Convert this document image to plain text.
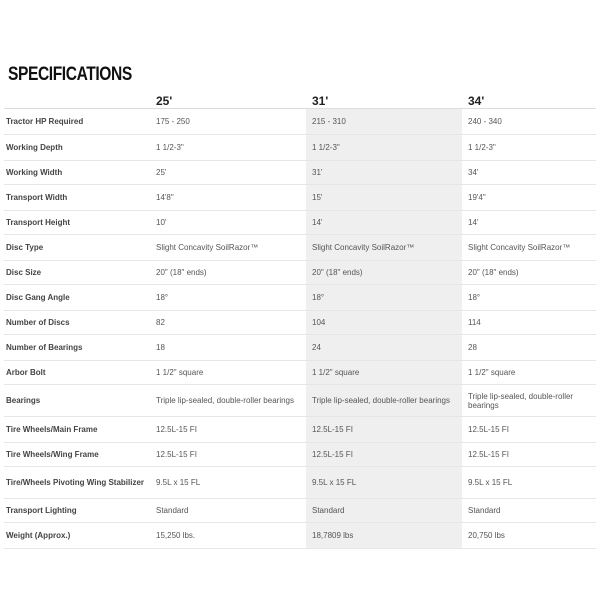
SPECIFICATIONS
	25'	31'	34'
Tractor HP Required	175 - 250	215 - 310	240 - 340
Working Depth	1 1/2-3"	1 1/2-3"	1 1/2-3"
Working Width	25'	31'	34'
Transport Width	14'8"	15'	19'4"
Transport Height	10'	14'	14'
Disc Type	Slight Concavity SoilRazor™	Slight Concavity SoilRazor™	Slight Concavity SoilRazor™
Disc Size	20" (18" ends)	20" (18" ends)	20" (18" ends)
Disc Gang Angle	18°	18°	18°
Number of Discs	82	104	114
Number of Bearings	18	24	28
Arbor Bolt	1 1/2" square	1 1/2" square	1 1/2" square
Bearings	Triple lip-sealed, double-roller bearings	Triple lip-sealed, double-roller bearings	Triple lip-sealed, double-roller bearings
Tire Wheels/Main Frame	12.5L-15 FI	12.5L-15 FI	12.5L-15 FI
Tire Wheels/Wing Frame	12.5L-15 FI	12.5L-15 FI	12.5L-15 FI
Tire/Wheels Pivoting Wing Stabilizer	9.5L x 15 FL	9.5L x 15 FL	9.5L x 15 FL
Transport Lighting	Standard	Standard	Standard
Weight (Approx.)	15,250 lbs.	18,7809 lbs	20,750 lbs
